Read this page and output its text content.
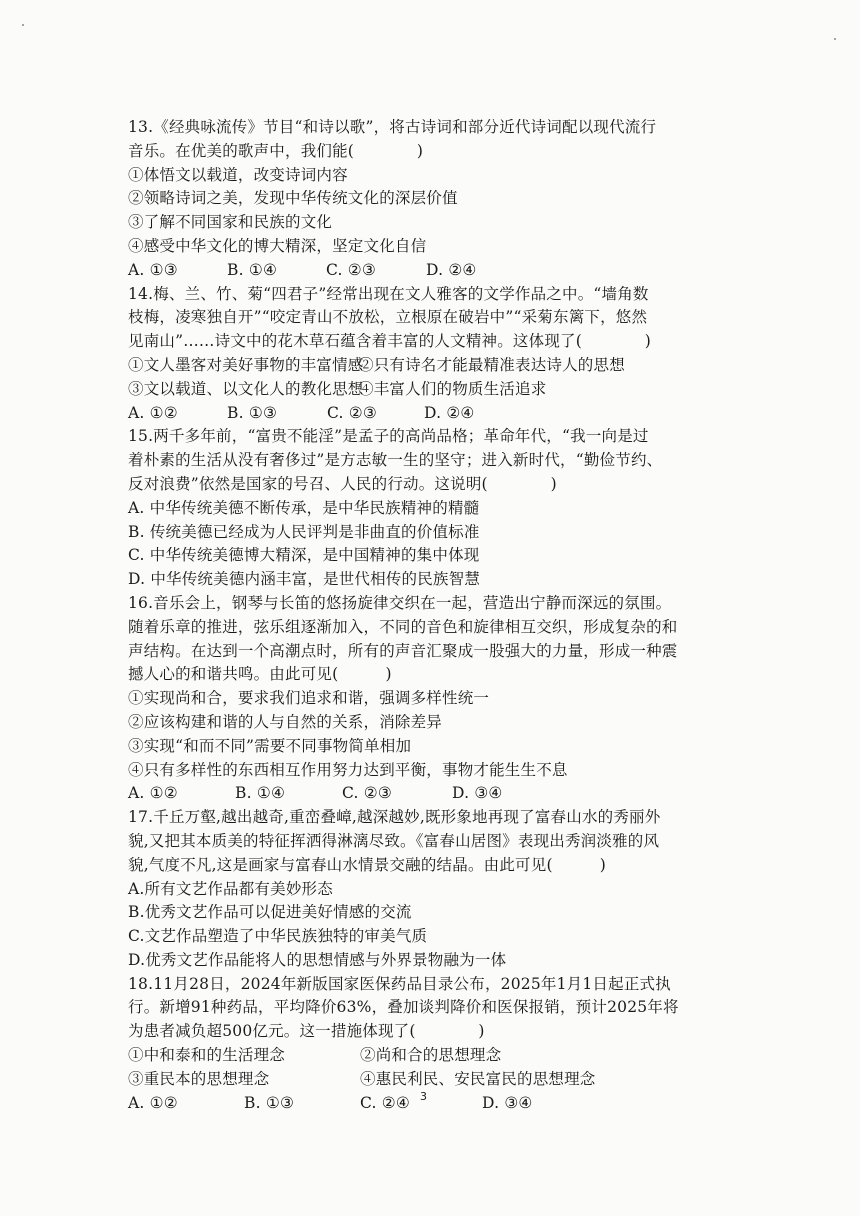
13.《经典咏流传》节目“和诗以歌”，将古诗词和部分近代诗词配以现代流行
音乐。在优美的歌声中，我们能(　　　　)
①体悟文以载道，改变诗词内容
②领略诗词之美，发现中华传统文化的深层价值
③了解不同国家和民族的文化
④感受中华文化的博大精深，坚定文化自信
A. ①③	B. ①④	C. ②③	D. ②④
14.梅、兰、竹、菊“四君子”经常出现在文人雅客的文学作品之中。“墙角数
枝梅，凌寒独自开”“咬定青山不放松，立根原在破岩中”“采菊东篱下，悠然
见南山”……诗文中的花木草石蕴含着丰富的人文精神。这体现了(　　　　)
①文人墨客对美好事物的丰富情感
②只有诗名才能最精准表达诗人的思想
③文以载道、以文化人的教化思想
④丰富人们的物质生活追求
A. ①②	B. ①③	C. ②③	D. ②④
15.两千多年前，“富贵不能淫”是孟子的高尚品格；革命年代，“我一向是过
着朴素的生活从没有奢侈过”是方志敏一生的坚守；进入新时代，“勤俭节约、
反对浪费”依然是国家的号召、人民的行动。这说明(　　　　)
A. 中华传统美德不断传承，是中华民族精神的精髓
B. 传统美德已经成为人民评判是非曲直的价值标准
C. 中华传统美德博大精深，是中国精神的集中体现
D. 中华传统美德内涵丰富，是世代相传的民族智慧
16.音乐会上，钢琴与长笛的悠扬旋律交织在一起，营造出宁静而深远的氛围。
随着乐章的推进，弦乐组逐渐加入，不同的音色和旋律相互交织，形成复杂的和
声结构。在达到一个高潮点时，所有的声音汇聚成一股强大的力量，形成一种震
撼人心的和谐共鸣。由此可见(　　　)
①实现尚和合，要求我们追求和谐，强调多样性统一
②应该构建和谐的人与自然的关系，消除差异
③实现“和而不同”需要不同事物简单相加
④只有多样性的东西相互作用努力达到平衡，事物才能生生不息
A. ①②	B. ①④	C. ②③	D. ③④
17.千丘万壑,越出越奇,重峦叠嶂,越深越妙,既形象地再现了富春山水的秀丽外
貌,又把其本质美的特征挥洒得淋漓尽致。《富春山居图》表现出秀润淡雅的风
貌,气度不凡,这是画家与富春山水情景交融的结晶。由此可见(　　　)
A.所有文艺作品都有美妙形态
B.优秀文艺作品可以促进美好情感的交流
C.文艺作品塑造了中华民族独特的审美气质
D.优秀文艺作品能将人的思想情感与外界景物融为一体
18.11月28日，2024年新版国家医保药品目录公布，2025年1月1日起正式执
行。新增91种药品，平均降价63%，叠加谈判降价和医保报销，预计2025年将
为患者减负超500亿元。这一措施体现了(　　　　)
①中和泰和的生活理念	②尚和合的思想理念
③重民本的思想理念	④惠民利民、安民富民的思想理念
A. ①②	B. ①③	C. ②④	D. ③④
3
